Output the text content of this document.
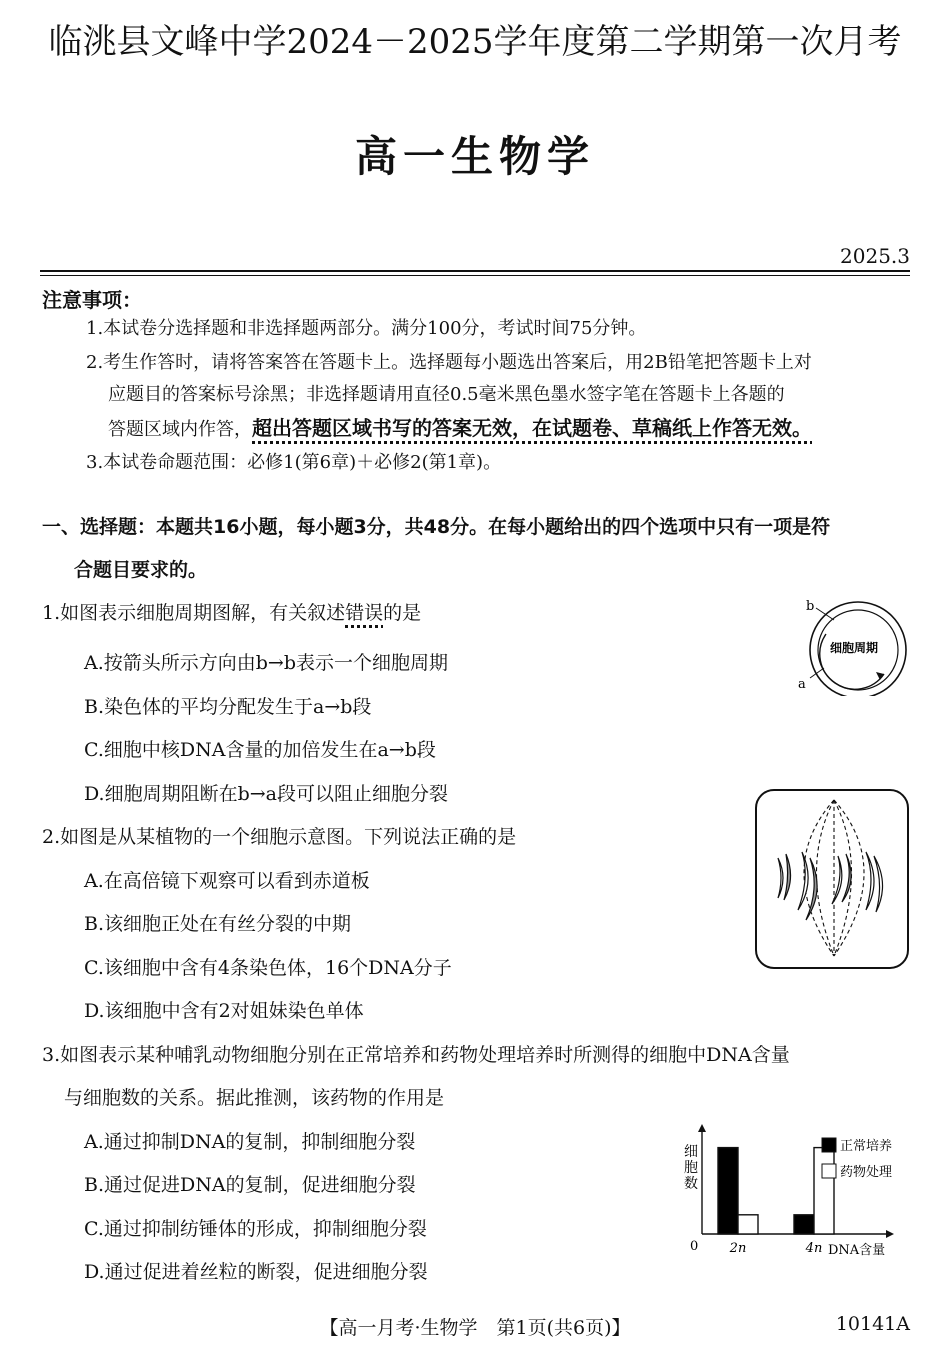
临洮县文峰中学2024－2025学年度第二学期第一次月考
高一生物学
2025.3
注意事项：
1.本试卷分选择题和非选择题两部分。满分100分，考试时间75分钟。
2.考生作答时，请将答案答在答题卡上。选择题每小题选出答案后，用2B铅笔把答题卡上对
应题目的答案标号涂黑；非选择题请用直径0.5毫米黑色墨水签字笔在答题卡上各题的
答题区域内作答，超出答题区域书写的答案无效，在试题卷、草稿纸上作答无效。
3.本试卷命题范围：必修1(第6章)＋必修2(第1章)。
一、选择题：本题共16小题，每小题3分，共48分。在每小题给出的四个选项中只有一项是符
合题目要求的。
1.如图表示细胞周期图解，有关叙述错误的是
A.按箭头所示方向由b→b表示一个细胞周期
B.染色体的平均分配发生于a→b段
C.细胞中核DNA含量的加倍发生在a→b段
D.细胞周期阻断在b→a段可以阻止细胞分裂
b
a
细胞周期
2.如图是从某植物的一个细胞示意图。下列说法正确的是
A.在高倍镜下观察可以看到赤道板
B.该细胞正处在有丝分裂的中期
C.该细胞中含有4条染色体，16个DNA分子
D.该细胞中含有2对姐妹染色单体
3.如图表示某种哺乳动物细胞分别在正常培养和药物处理培养时所测得的细胞中DNA含量
与细胞数的关系。据此推测，该药物的作用是
A.通过抑制DNA的复制，抑制细胞分裂
B.通过促进DNA的复制，促进细胞分裂
C.通过抑制纺锤体的形成，抑制细胞分裂
D.通过促进着丝粒的断裂，促进细胞分裂
细
胞
数
0	DNA含量
2n	4n
正常培养
药物处理
【高一月考·生物学　第1页(共6页)】	10141A
